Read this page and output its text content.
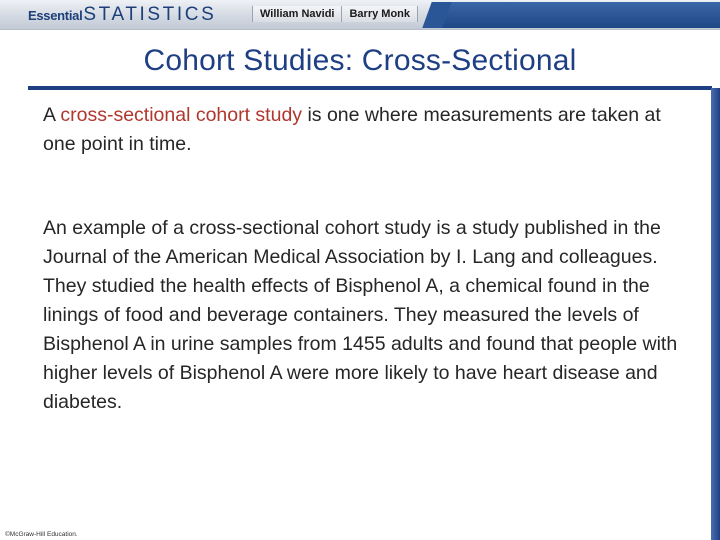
Essential STATISTICS	William Navidi	Barry Monk
Cohort Studies: Cross-Sectional
A cross-sectional cohort study is one where measurements are taken at one point in time.
An example of a cross-sectional cohort study is a study published in the Journal of the American Medical Association by I. Lang and colleagues. They studied the health effects of Bisphenol A, a chemical found in the linings of food and beverage containers. They measured the levels of Bisphenol A in urine samples from 1455 adults and found that people with higher levels of Bisphenol A were more likely to have heart disease and diabetes.
©McGraw-Hill Education.
